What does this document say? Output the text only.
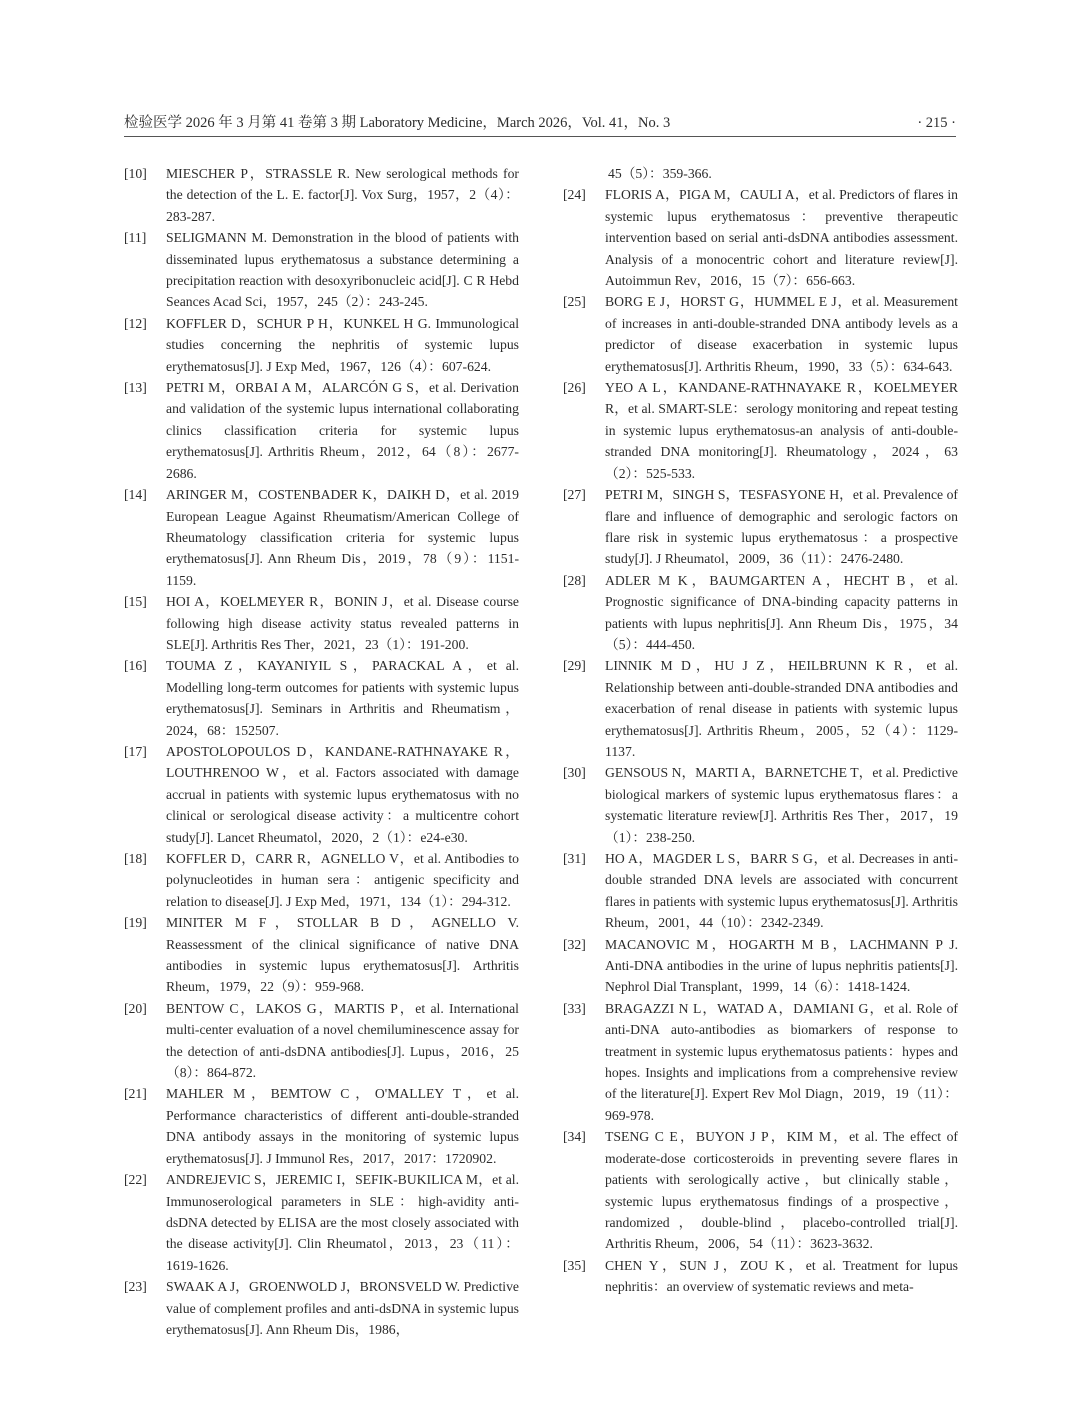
检验医学 2026 年 3 月第 41 卷第 3 期 Laboratory Medicine，March 2026，Vol. 41，No. 3	· 215 ·
[10] MIESCHER P，STRASSLE R. New serological methods for the detection of the L. E. factor[J]. Vox Surg，1957，2（4）：283-287.
[11] SELIGMANN M. Demonstration in the blood of patients with disseminated lupus erythematosus a substance determining a precipitation reaction with desoxyribonucleic acid[J]. C R Hebd Seances Acad Sci，1957，245（2）：243-245.
[12] KOFFLER D，SCHUR P H，KUNKEL H G. Immunological studies concerning the nephritis of systemic lupus erythematosus[J]. J Exp Med，1967，126（4）：607-624.
[13] PETRI M，ORBAI A M，ALARCÓN G S，et al. Derivation and validation of the systemic lupus international collaborating clinics classification criteria for systemic lupus erythematosus[J]. Arthritis Rheum，2012，64（8）：2677-2686.
[14] ARINGER M，COSTENBADER K，DAIKH D，et al. 2019 European League Against Rheumatism/American College of Rheumatology classification criteria for systemic lupus erythematosus[J]. Ann Rheum Dis，2019，78（9）：1151-1159.
[15] HOI A，KOELMEYER R，BONIN J，et al. Disease course following high disease activity status revealed patterns in SLE[J]. Arthritis Res Ther，2021，23（1）：191-200.
[16] TOUMA Z，KAYANIYIL S，PARACKAL A，et al. Modelling long-term outcomes for patients with systemic lupus erythematosus[J]. Seminars in Arthritis and Rheumatism，2024，68：152507.
[17] APOSTOLOPOULOS D，KANDANE-RATHNAYAKE R，LOUTHRENOO W，et al. Factors associated with damage accrual in patients with systemic lupus erythematosus with no clinical or serological disease activity：a multicentre cohort study[J]. Lancet Rheumatol，2020，2（1）：e24-e30.
[18] KOFFLER D，CARR R，AGNELLO V，et al. Antibodies to polynucleotides in human sera：antigenic specificity and relation to disease[J]. J Exp Med，1971，134（1）：294-312.
[19] MINITER M F，STOLLAR B D，AGNELLO V. Reassessment of the clinical significance of native DNA antibodies in systemic lupus erythematosus[J]. Arthritis Rheum，1979，22（9）：959-968.
[20] BENTOW C，LAKOS G，MARTIS P，et al. International multi-center evaluation of a novel chemiluminescence assay for the detection of anti-dsDNA antibodies[J]. Lupus，2016，25（8）：864-872.
[21] MAHLER M，BEMTOW C，O'MALLEY T，et al. Performance characteristics of different anti-double-stranded DNA antibody assays in the monitoring of systemic lupus erythematosus[J]. J Immunol Res，2017，2017：1720902.
[22] ANDREJEVIC S，JEREMIC I，SEFIK-BUKILICA M，et al. Immunoserological parameters in SLE：high-avidity anti-dsDNA detected by ELISA are the most closely associated with the disease activity[J]. Clin Rheumatol，2013，23（11）：1619-1626.
[23] SWAAK A J，GROENWOLD J，BRONSVELD W. Predictive value of complement profiles and anti-dsDNA in systemic lupus erythematosus[J]. Ann Rheum Dis，1986，
45（5）：359-366.
[24] FLORIS A，PIGA M，CAULI A，et al. Predictors of flares in systemic lupus erythematosus：preventive therapeutic intervention based on serial anti-dsDNA antibodies assessment. Analysis of a monocentric cohort and literature review[J]. Autoimmun Rev，2016，15（7）：656-663.
[25] BORG E J，HORST G，HUMMEL E J，et al. Measurement of increases in anti-double-stranded DNA antibody levels as a predictor of disease exacerbation in systemic lupus erythematosus[J]. Arthritis Rheum，1990，33（5）：634-643.
[26] YEO A L，KANDANE-RATHNAYAKE R，KOELMEYER R，et al. SMART-SLE：serology monitoring and repeat testing in systemic lupus erythematosus-an analysis of anti-double-stranded DNA monitoring[J]. Rheumatology，2024，63（2）：525-533.
[27] PETRI M，SINGH S，TESFASYONE H，et al. Prevalence of flare and influence of demographic and serologic factors on flare risk in systemic lupus erythematosus：a prospective study[J]. J Rheumatol，2009，36（11）：2476-2480.
[28] ADLER M K，BAUMGARTEN A，HECHT B，et al. Prognostic significance of DNA-binding capacity patterns in patients with lupus nephritis[J]. Ann Rheum Dis，1975，34（5）：444-450.
[29] LINNIK M D，HU J Z，HEILBRUNN K R，et al. Relationship between anti-double-stranded DNA antibodies and exacerbation of renal disease in patients with systemic lupus erythematosus[J]. Arthritis Rheum，2005，52（4）：1129-1137.
[30] GENSOUS N，MARTI A，BARNETCHE T，et al. Predictive biological markers of systemic lupus erythematosus flares：a systematic literature review[J]. Arthritis Res Ther，2017，19（1）：238-250.
[31] HO A，MAGDER L S，BARR S G，et al. Decreases in anti-double stranded DNA levels are associated with concurrent flares in patients with systemic lupus erythematosus[J]. Arthritis Rheum，2001，44（10）：2342-2349.
[32] MACANOVIC M，HOGARTH M B，LACHMANN P J. Anti-DNA antibodies in the urine of lupus nephritis patients[J]. Nephrol Dial Transplant，1999，14（6）：1418-1424.
[33] BRAGAZZI N L，WATAD A，DAMIANI G，et al. Role of anti-DNA auto-antibodies as biomarkers of response to treatment in systemic lupus erythematosus patients：hypes and hopes. Insights and implications from a comprehensive review of the literature[J]. Expert Rev Mol Diagn，2019，19（11）：969-978.
[34] TSENG C E，BUYON J P，KIM M，et al. The effect of moderate-dose corticosteroids in preventing severe flares in patients with serologically active，but clinically stable，systemic lupus erythematosus findings of a prospective，randomized，double-blind，placebo-controlled trial[J]. Arthritis Rheum，2006，54（11）：3623-3632.
[35] CHEN Y，SUN J，ZOU K，et al. Treatment for lupus nephritis：an overview of systematic reviews and meta-
